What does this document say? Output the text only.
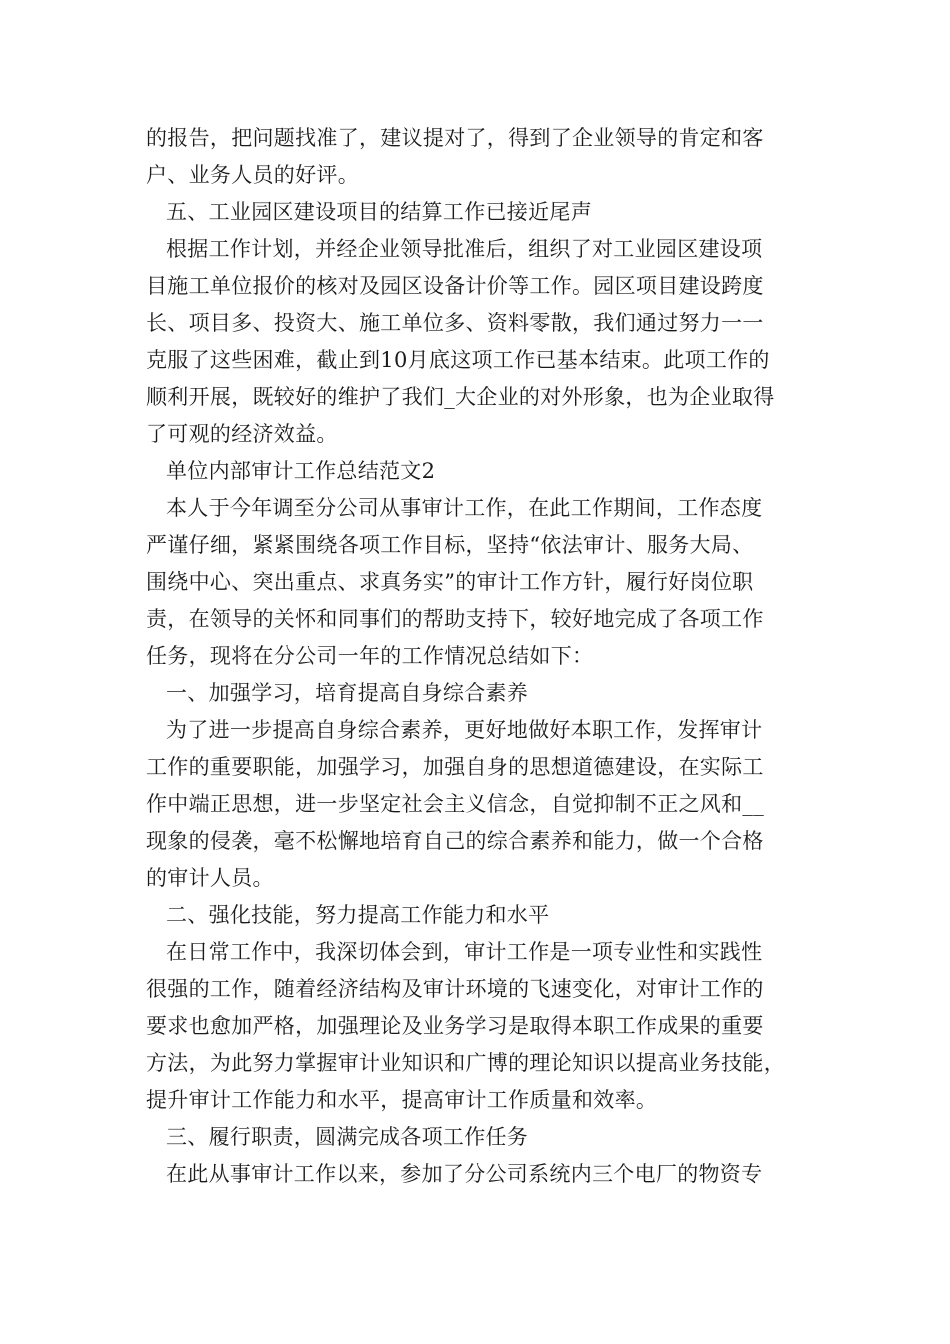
的报告，把问题找准了，建议提对了，得到了企业领导的肯定和客
户、业务人员的好评。
五、工业园区建设项目的结算工作已接近尾声
根据工作计划，并经企业领导批准后，组织了对工业园区建设项
目施工单位报价的核对及园区设备计价等工作。园区项目建设跨度
长、项目多、投资大、施工单位多、资料零散，我们通过努力一一
克服了这些困难，截止到10月底这项工作已基本结束。此项工作的
顺利开展，既较好的维护了我们_大企业的对外形象，也为企业取得
了可观的经济效益。
单位内部审计工作总结范文2
本人于今年调至分公司从事审计工作，在此工作期间，工作态度
严谨仔细，紧紧围绕各项工作目标，坚持“依法审计、服务大局、
围绕中心、突出重点、求真务实”的审计工作方针，履行好岗位职
责，在领导的关怀和同事们的帮助支持下，较好地完成了各项工作
任务，现将在分公司一年的工作情况总结如下：
一、加强学习，培育提高自身综合素养
为了进一步提高自身综合素养，更好地做好本职工作，发挥审计
工作的重要职能，加强学习，加强自身的思想道德建设，在实际工
作中端正思想，进一步坚定社会主义信念，自觉抑制不正之风和__
现象的侵袭，毫不松懈地培育自己的综合素养和能力，做一个合格
的审计人员。
二、强化技能，努力提高工作能力和水平
在日常工作中，我深切体会到，审计工作是一项专业性和实践性
很强的工作，随着经济结构及审计环境的飞速变化，对审计工作的
要求也愈加严格，加强理论及业务学习是取得本职工作成果的重要
方法，为此努力掌握审计业知识和广博的理论知识以提高业务技能，
提升审计工作能力和水平，提高审计工作质量和效率。
三、履行职责，圆满完成各项工作任务
在此从事审计工作以来，参加了分公司系统内三个电厂的物资专
